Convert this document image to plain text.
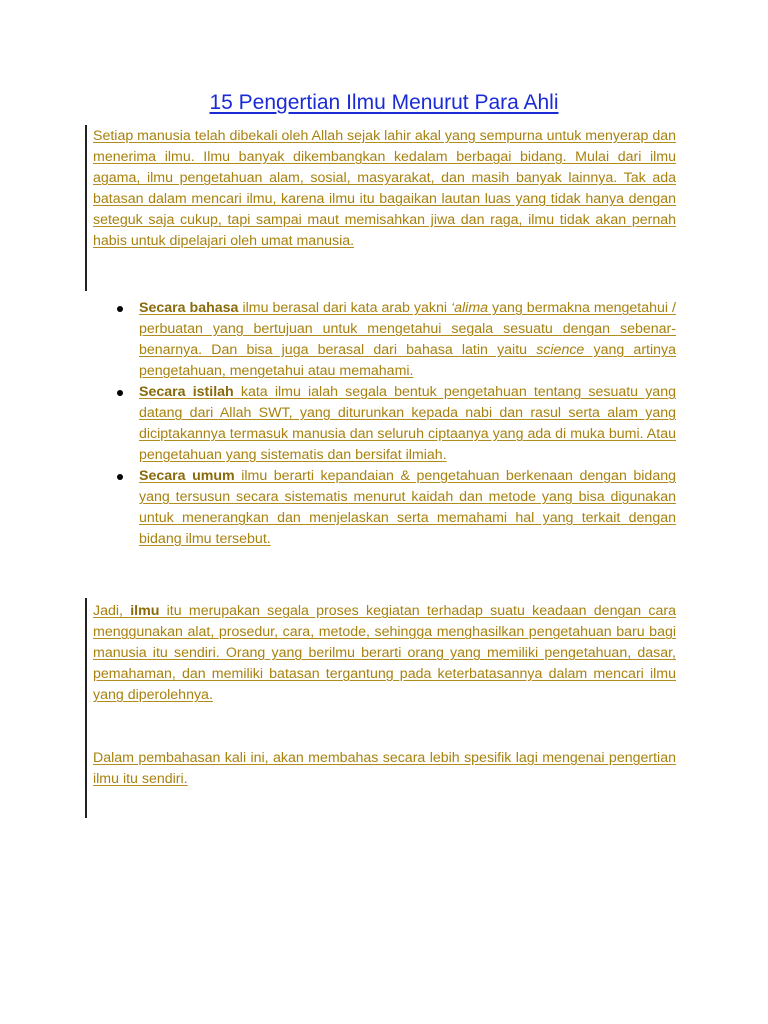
15 Pengertian Ilmu Menurut Para Ahli

Setiap manusia telah dibekali oleh Allah sejak lahir akal yang sempurna untuk menyerap dan menerima ilmu. Ilmu banyak dikembangkan kedalam berbagai bidang. Mulai dari ilmu agama, ilmu pengetahuan alam, sosial, masyarakat, dan masih banyak lainnya. Tak ada batasan dalam mencari ilmu, karena ilmu itu bagaikan lautan luas yang tidak hanya dengan seteguk saja cukup, tapi sampai maut memisahkan jiwa dan raga, ilmu tidak akan pernah habis untuk dipelajari oleh umat manusia.

Secara bahasa ilmu berasal dari kata arab yakni ‘alima yang bermakna mengetahui / perbuatan yang bertujuan untuk mengetahui segala sesuatu dengan sebenar-benarnya. Dan bisa juga berasal dari bahasa latin yaitu science yang artinya pengetahuan, mengetahui atau memahami.
Secara istilah kata ilmu ialah segala bentuk pengetahuan tentang sesuatu yang datang dari Allah SWT, yang diturunkan kepada nabi dan rasul serta alam yang diciptakannya termasuk manusia dan seluruh ciptaanya yang ada di muka bumi. Atau pengetahuan yang sistematis dan bersifat ilmiah.
Secara umum ilmu berarti kepandaian & pengetahuan berkenaan dengan bidang yang tersusun secara sistematis menurut kaidah dan metode yang bisa digunakan untuk menerangkan dan menjelaskan serta memahami hal yang terkait dengan bidang ilmu tersebut.

Jadi, ilmu itu merupakan segala proses kegiatan terhadap suatu keadaan dengan cara menggunakan alat, prosedur, cara, metode, sehingga menghasilkan pengetahuan baru bagi manusia itu sendiri. Orang yang berilmu berarti orang yang memiliki pengetahuan, dasar, pemahaman, dan memiliki batasan tergantung pada keterbatasannya dalam mencari ilmu yang diperolehnya.

Dalam pembahasan kali ini, akan membahas secara lebih spesifik lagi mengenai pengertian ilmu itu sendiri.
